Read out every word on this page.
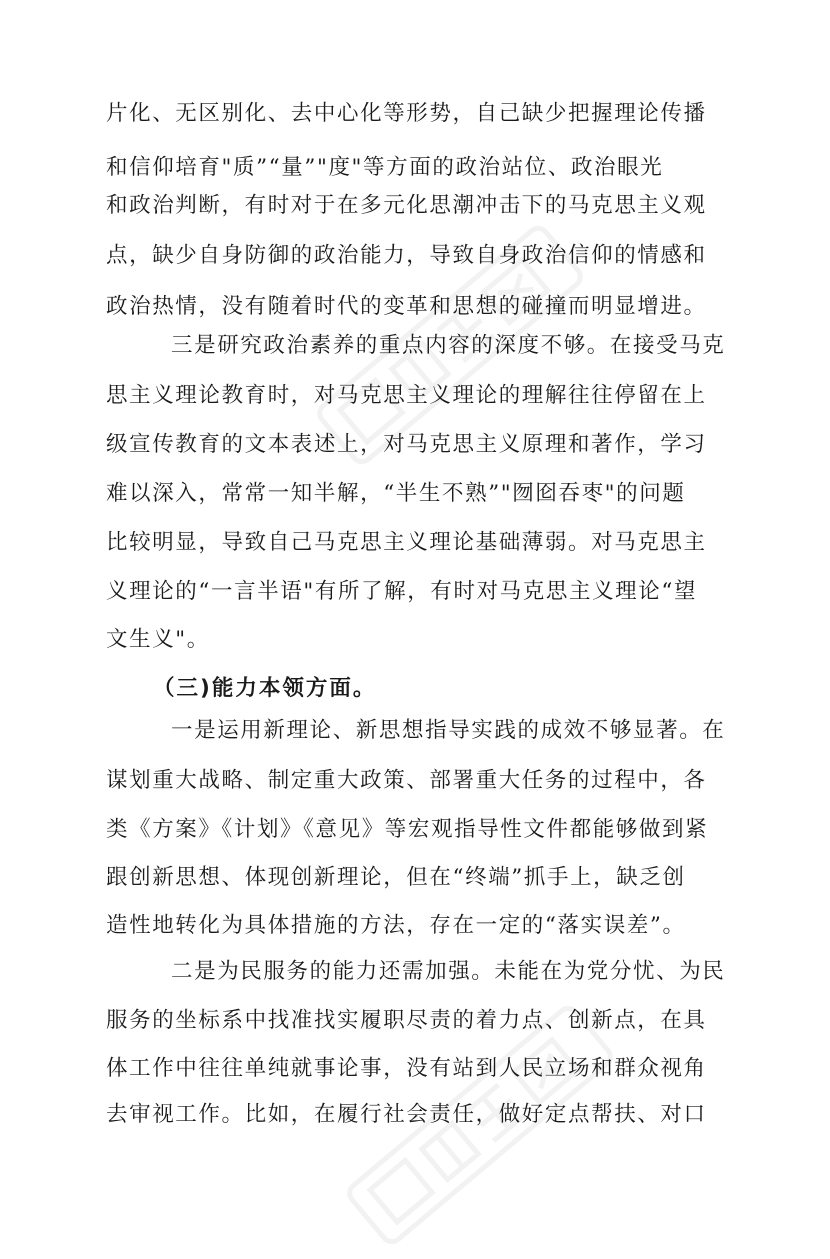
片化、无区别化、去中心化等形势，自己缺少把握理论传播
和信仰培育"质”“量”"度"等方面的政治站位、政治眼光
和政治判断，有时对于在多元化思潮冲击下的马克思主义观
点，缺少自身防御的政治能力，导致自身政治信仰的情感和
政治热情，没有随着时代的变革和思想的碰撞而明显增进。
三是研究政治素养的重点内容的深度不够。在接受马克
思主义理论教育时，对马克思主义理论的理解往往停留在上
级宣传教育的文本表述上，对马克思主义原理和著作，学习
难以深入，常常一知半解，“半生不熟”"囫囵吞枣"的问题
比较明显，导致自己马克思主义理论基础薄弱。对马克思主
义理论的“一言半语"有所了解，有时对马克思主义理论“望
文生义"。
（三)能力本领方面。
一是运用新理论、新思想指导实践的成效不够显著。在
谋划重大战略、制定重大政策、部署重大任务的过程中，各
类《方案》《计划》《意见》等宏观指导性文件都能够做到紧
跟创新思想、体现创新理论，但在“终端”抓手上，缺乏创
造性地转化为具体措施的方法，存在一定的“落实误差”。
二是为民服务的能力还需加强。未能在为党分忧、为民
服务的坐标系中找准找实履职尽责的着力点、创新点，在具
体工作中往往单纯就事论事，没有站到人民立场和群众视角
去审视工作。比如，在履行社会责任，做好定点帮扶、对口
